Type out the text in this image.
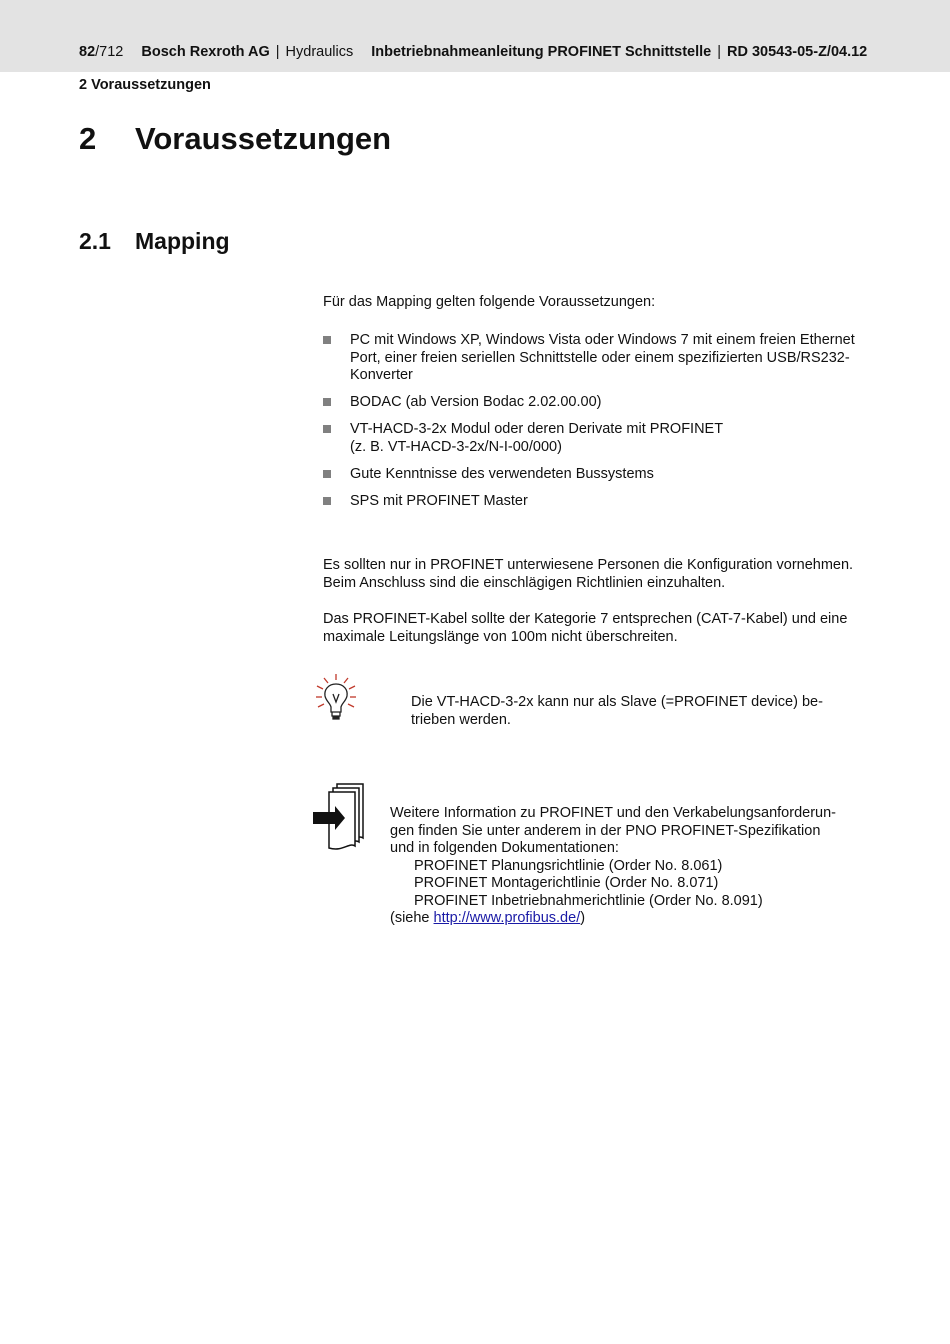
82/712 Bosch Rexroth AG | Hydraulics Inbetriebnahmeanleitung PROFINET Schnittstelle | RD 30543-05-Z/04.12
2 Voraussetzungen
2 Voraussetzungen
2.1 Mapping
Für das Mapping gelten folgende Voraussetzungen:
PC mit Windows XP, Windows Vista oder Windows 7 mit einem freien Ethernet Port, einer freien seriellen Schnittstelle oder einem spezifizierten USB/RS232-Konverter
BODAC (ab Version Bodac 2.02.00.00)
VT-HACD-3-2x Modul oder deren Derivate mit PROFINET
(z. B. VT-HACD-3-2x/N-I-00/000)
Gute Kenntnisse des verwendeten Bussystems
SPS mit PROFINET Master
Es sollten nur in PROFINET unterwiesene Personen die Konfiguration vornehmen. Beim Anschluss sind die einschlägigen Richtlinien einzuhalten.
Das PROFINET-Kabel sollte der Kategorie 7 entsprechen (CAT-7-Kabel) und eine maximale Leitungslänge von 100m nicht überschreiten.
Die VT-HACD-3-2x kann nur als Slave (=PROFINET device) be-
trieben werden.
Weitere Information zu PROFINET und den Verkabelungsanforderun-
gen finden Sie unter anderem in der PNO PROFINET-Spezifikation
und in folgenden Dokumentationen:

PROFINET Planungsrichtlinie (Order No. 8.061)
PROFINET Montagerichtlinie (Order No. 8.071)
PROFINET Inbetriebnahmerichtlinie (Order No. 8.091)
(siehe http://www.profibus.de/)
